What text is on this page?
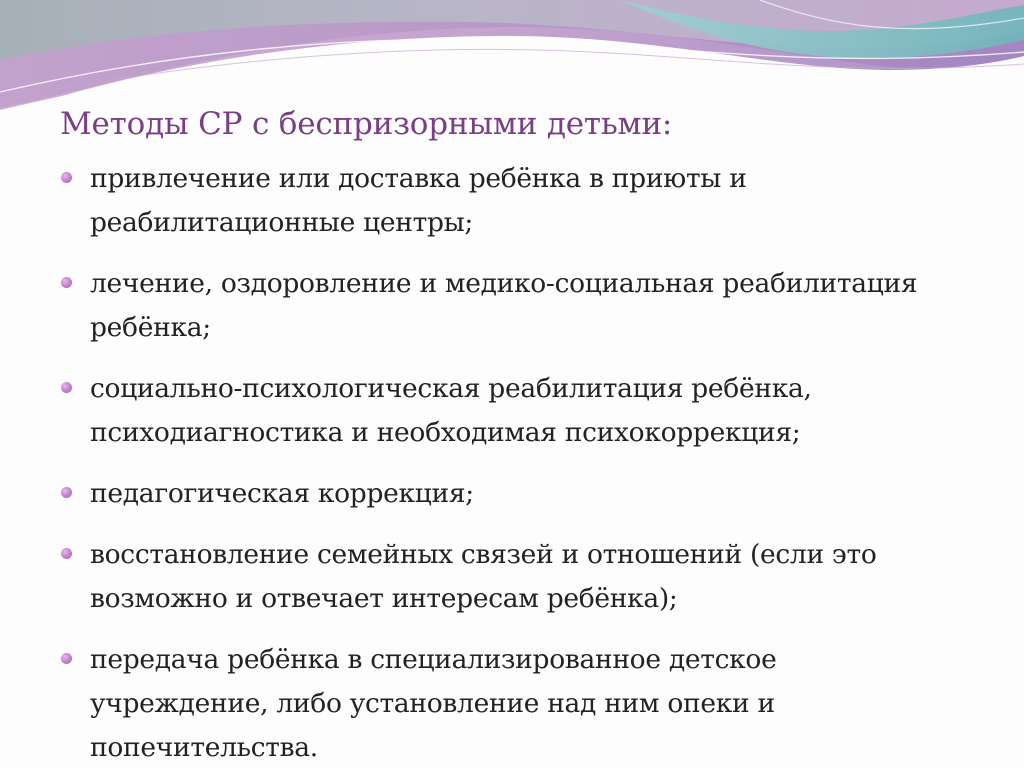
Методы СР с беспризорными детьми:
привлечение или доставка ребёнка в приюты и реабилитационные центры;
лечение, оздоровление и медико-социальная реабилитация ребёнка;
социально-психологическая реабилитация ребёнка, психодиагностика и необходимая психокоррекция;
педагогическая коррекция;
восстановление семейных связей и отношений (если это возможно и отвечает интересам ребёнка);
передача ребёнка в специализированное детское учреждение, либо установление над ним опеки и попечительства.
